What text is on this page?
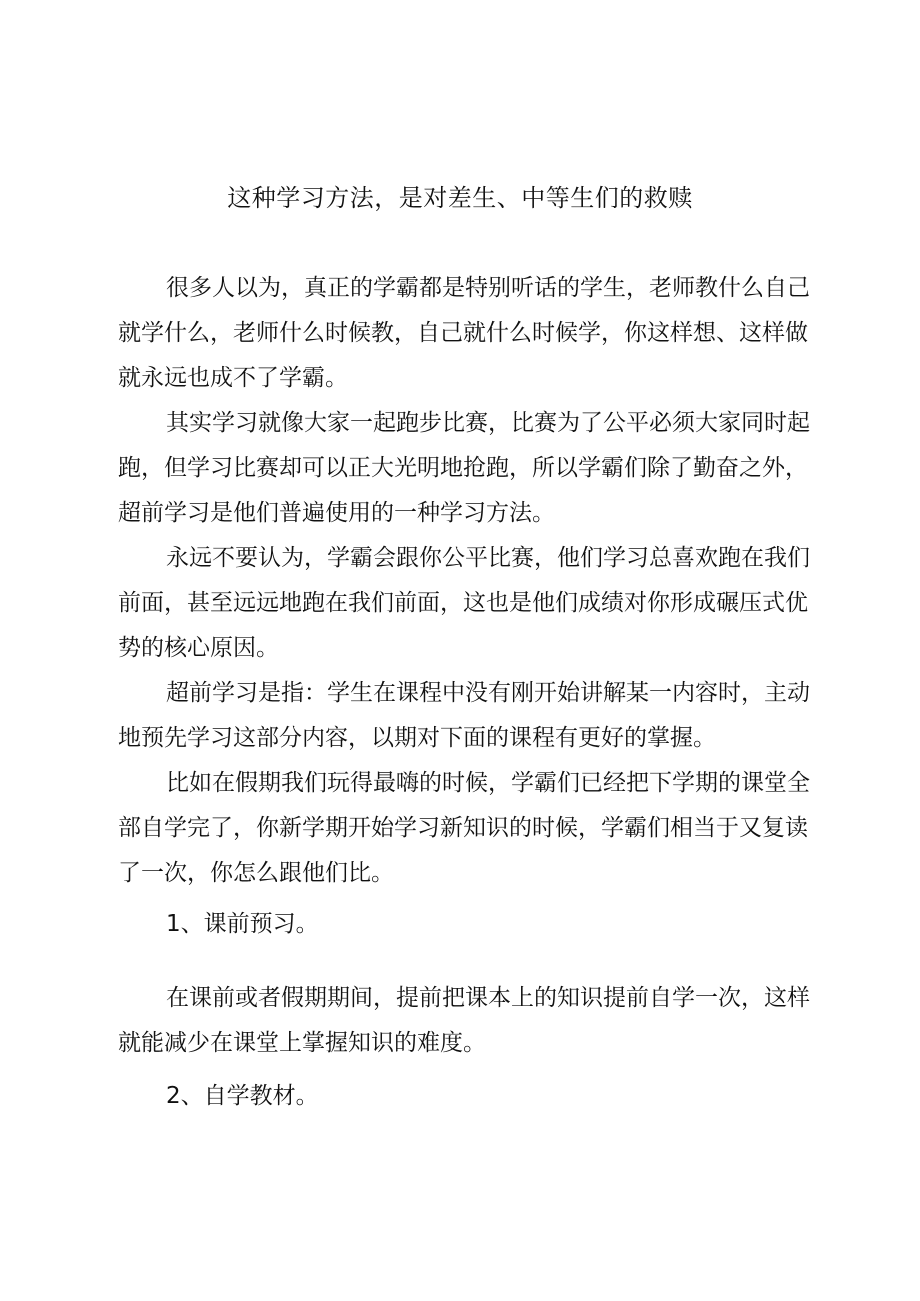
这种学习方法，是对差生、中等生们的救赎
很多人以为，真正的学霸都是特别听话的学生，老师教什么自己
就学什么，老师什么时候教，自己就什么时候学，你这样想、这样做
就永远也成不了学霸。
其实学习就像大家一起跑步比赛，比赛为了公平必须大家同时起
跑，但学习比赛却可以正大光明地抢跑，所以学霸们除了勤奋之外，
超前学习是他们普遍使用的一种学习方法。
永远不要认为，学霸会跟你公平比赛，他们学习总喜欢跑在我们
前面，甚至远远地跑在我们前面，这也是他们成绩对你形成碾压式优
势的核心原因。
超前学习是指：学生在课程中没有刚开始讲解某一内容时，主动
地预先学习这部分内容，以期对下面的课程有更好的掌握。
比如在假期我们玩得最嗨的时候，学霸们已经把下学期的课堂全
部自学完了，你新学期开始学习新知识的时候，学霸们相当于又复读
了一次，你怎么跟他们比。
1、课前预习。
在课前或者假期期间，提前把课本上的知识提前自学一次，这样
就能减少在课堂上掌握知识的难度。
2、自学教材。
